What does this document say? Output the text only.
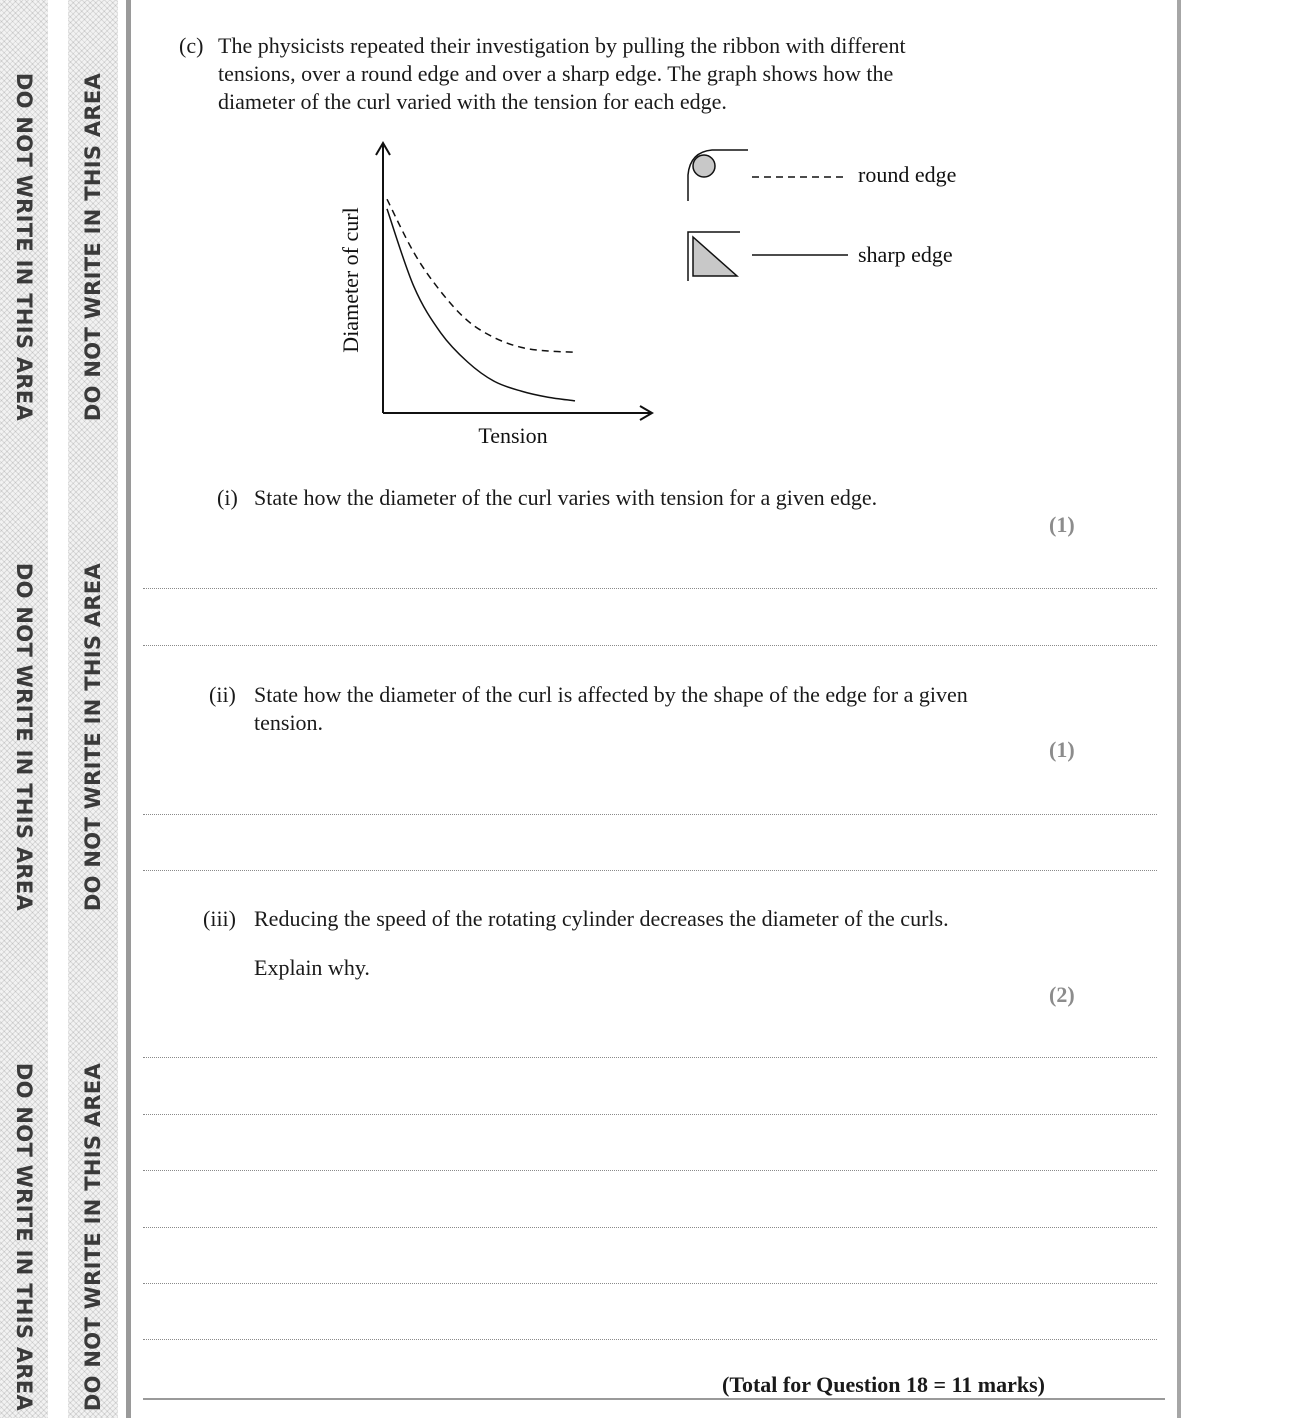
DO NOT WRITE IN THIS AREA
DO NOT WRITE IN THIS AREA
DO NOT WRITE IN THIS AREA
DO NOT WRITE IN THIS AREA
DO NOT WRITE IN THIS AREA
DO NOT WRITE IN THIS AREA
(c) The physicists repeated their investigation by pulling the ribbon with different
tensions, over a round edge and over a sharp edge. The graph shows how the
diameter of the curl varied with the tension for each edge.
Tension
Diameter of curl
round edge
sharp edge
(i) State how the diameter of the curl varies with tension for a given edge.
(1)
(ii) State how the diameter of the curl is affected by the shape of the edge for a given
tension.
(1)
(iii) Reducing the speed of the rotating cylinder decreases the diameter of the curls.
Explain why.
(2)
(Total for Question 18 = 11 marks)
